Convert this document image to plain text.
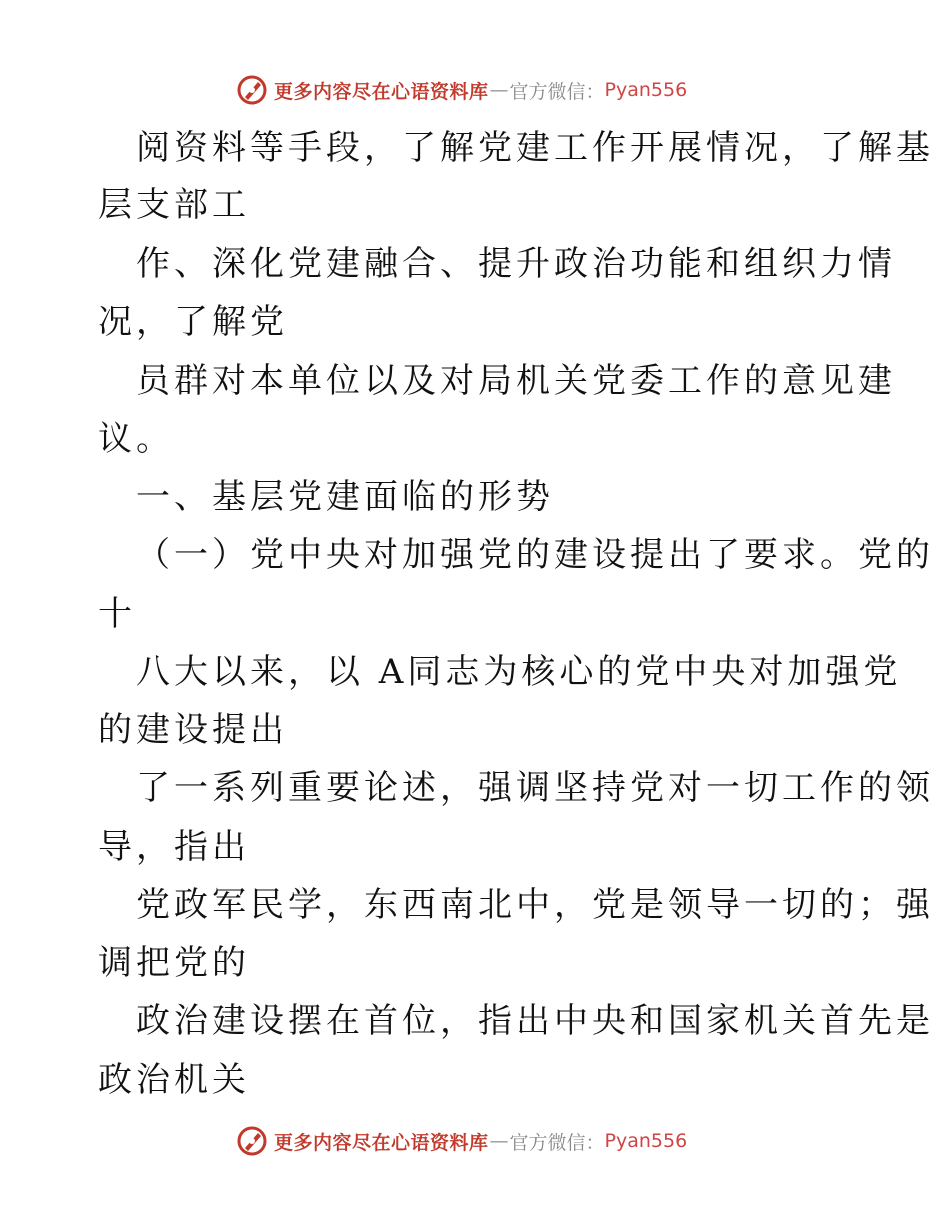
更多内容尽在心语资料库 — 官方微信： Pyan556
阅资料等手段，了解党建工作开展情况，了解基
层支部工
作、深化党建融合、提升政治功能和组织力情
况，了解党
员群对本单位以及对局机关党委工作的意见建
议。
一、基层党建面临的形势
（一）党中央对加强党的建设提出了要求。党的
十
八大以来，以 A同志为核心的党中央对加强党
的建设提出
了一系列重要论述，强调坚持党对一切工作的领
导，指出
党政军民学，东西南北中，党是领导一切的；强
调把党的
政治建设摆在首位，指出中央和国家机关首先是
政治机关
更多内容尽在心语资料库 — 官方微信： Pyan556
